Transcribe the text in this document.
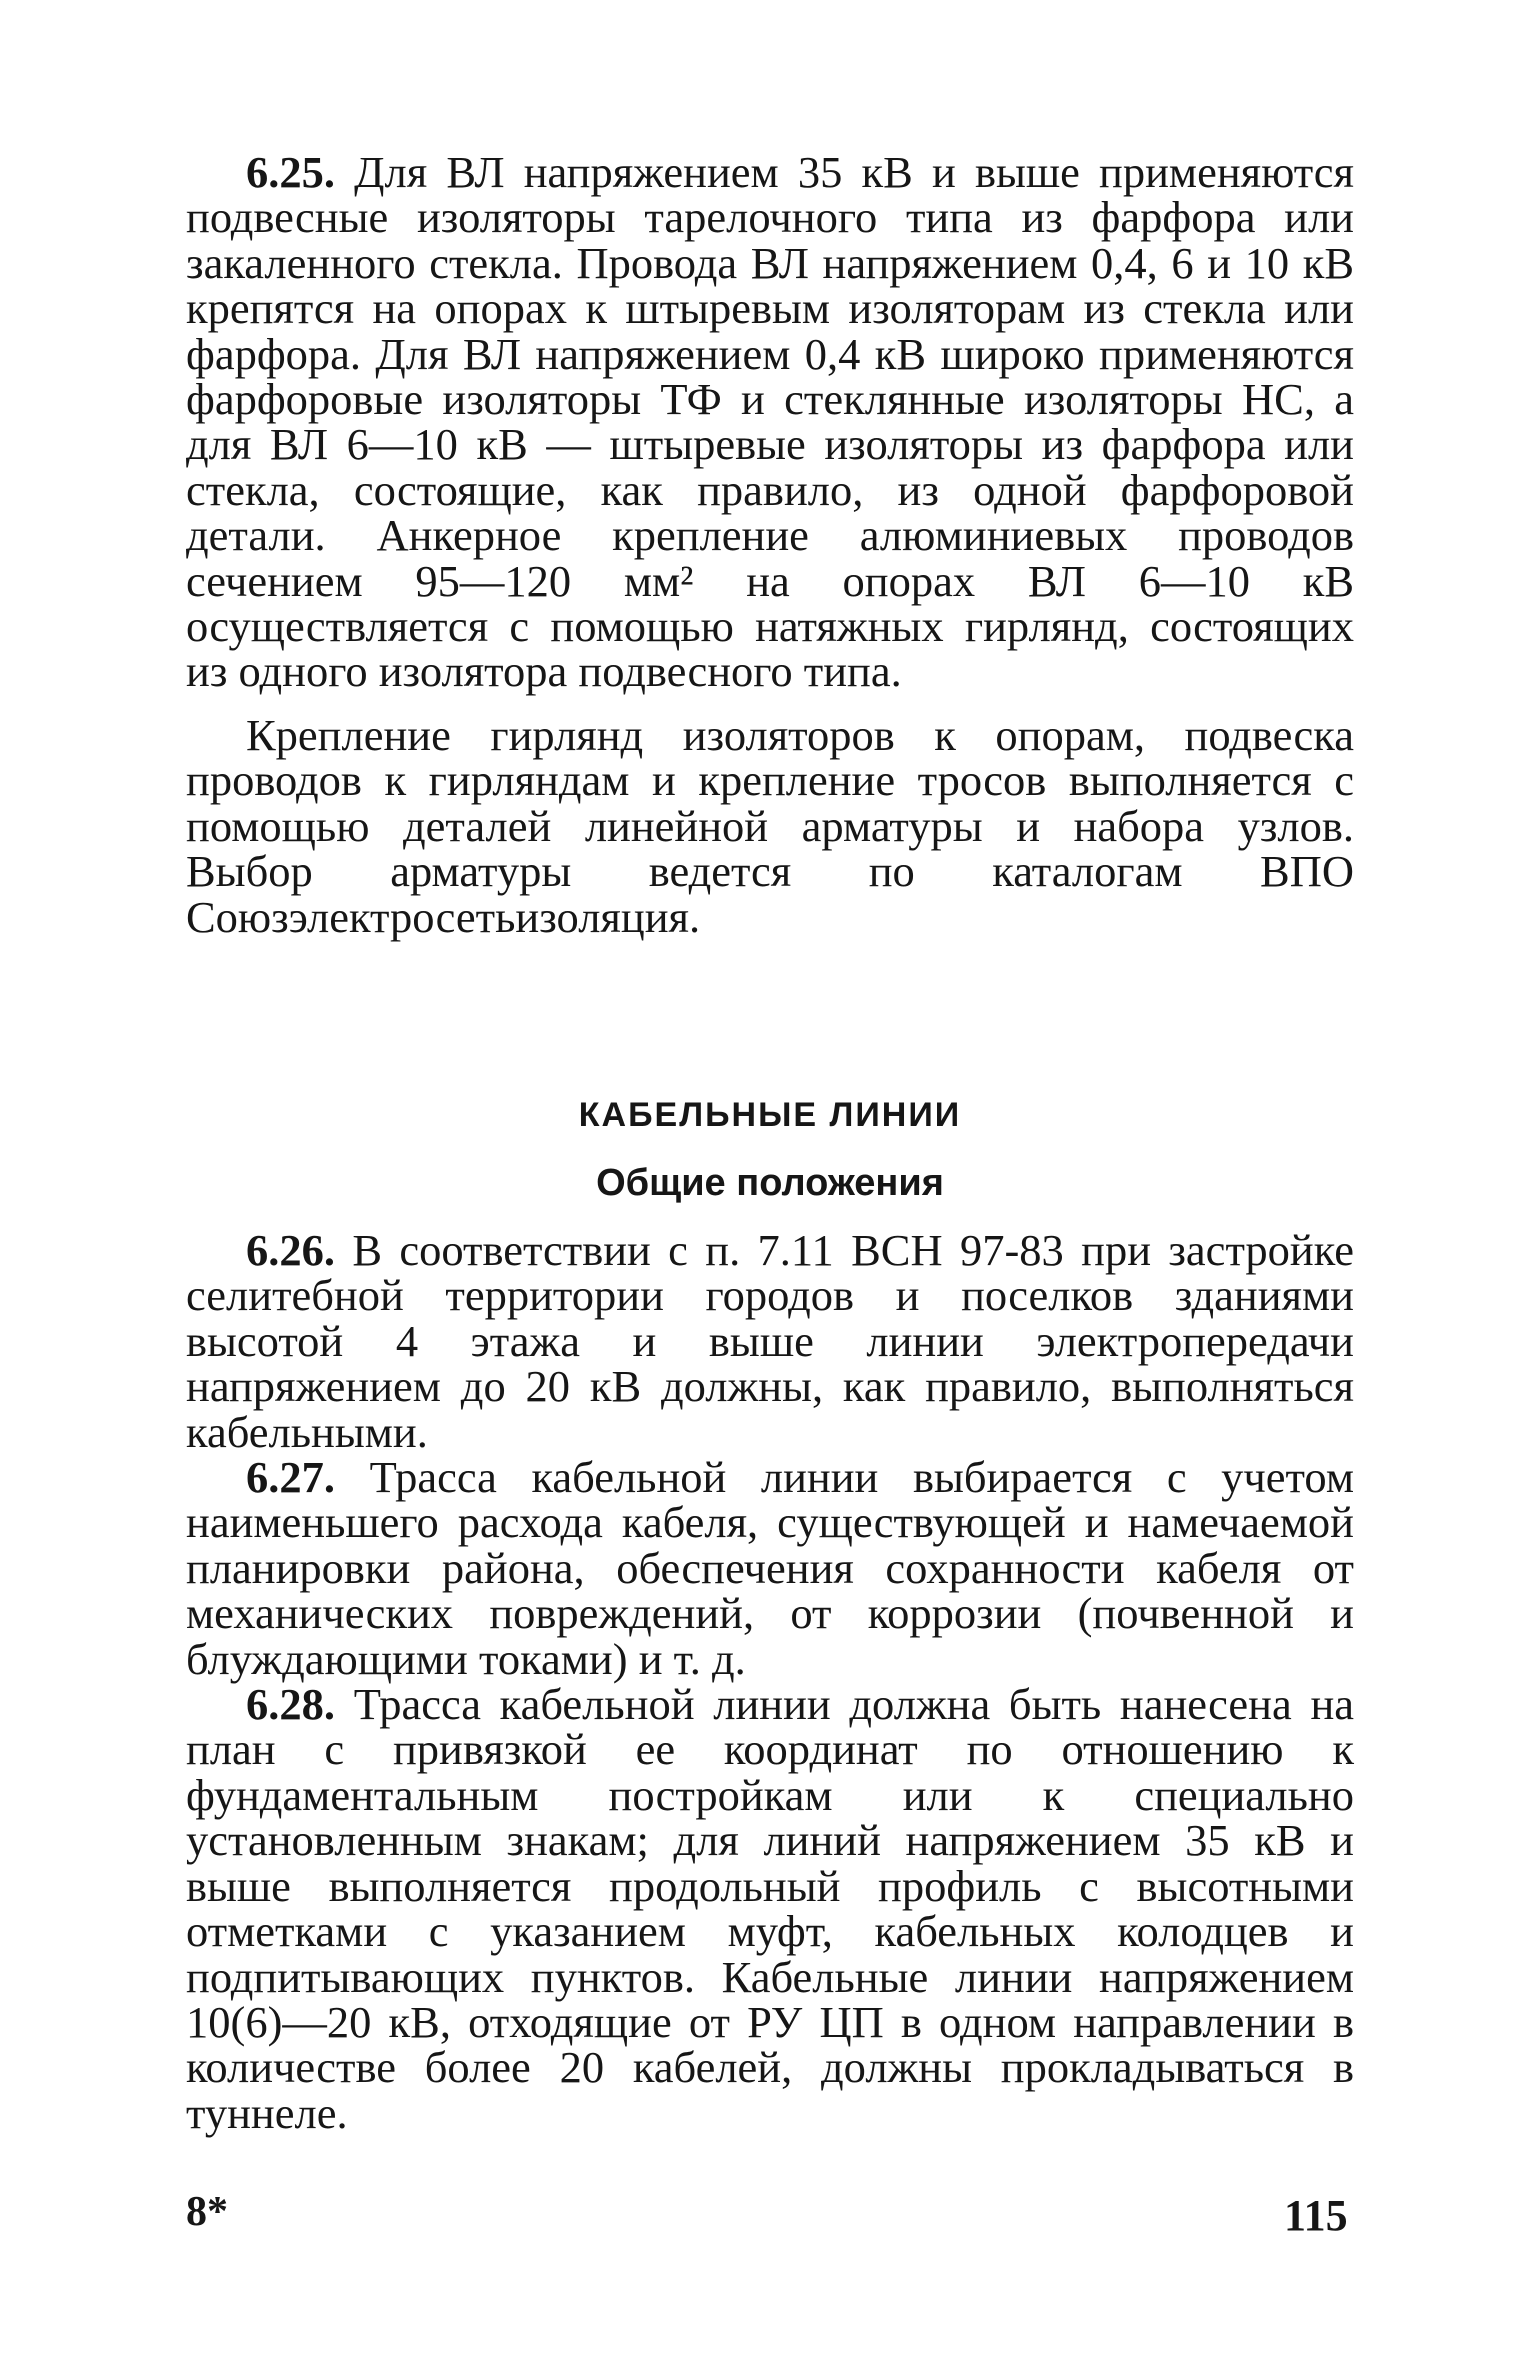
6.25. Для ВЛ напряжением 35 кВ и выше применяются подвесные изоляторы тарелочного типа из фарфора или закаленного стекла. Провода ВЛ напряжением 0,4, 6 и 10 кВ крепятся на опорах к штыревым изоляторам из стекла или фарфора. Для ВЛ напряжением 0,4 кВ широко применяются фарфоровые изоляторы ТФ и стеклянные изоляторы НС, а для ВЛ 6—10 кВ — штыревые изоляторы из фарфора или стекла, состоящие, как правило, из одной фарфоровой детали. Анкерное крепление алюминиевых проводов сечением 95—120 мм² на опорах ВЛ 6—10 кВ осуществляется с помощью натяжных гирлянд, состоящих из одного изолятора подвесного типа.

Крепление гирлянд изоляторов к опорам, подвеска проводов к гирляндам и крепление тросов выполняется с помощью деталей линейной арматуры и набора узлов. Выбор арматуры ведется по каталогам ВПО Союзэлектросетьизоляция.

КАБЕЛЬНЫЕ ЛИНИИ
Общие положения

6.26. В соответствии с п. 7.11 ВСН 97-83 при застройке селитебной территории городов и поселков зданиями высотой 4 этажа и выше линии электропередачи напряжением до 20 кВ должны, как правило, выполняться кабельными.

6.27. Трасса кабельной линии выбирается с учетом наименьшего расхода кабеля, существующей и намечаемой планировки района, обеспечения сохранности кабеля от механических повреждений, от коррозии (почвенной и блуждающими токами) и т. д.

6.28. Трасса кабельной линии должна быть нанесена на план с привязкой ее координат по отношению к фундаментальным постройкам или к специально установленным знакам; для линий напряжением 35 кВ и выше выполняется продольный профиль с высотными отметками с указанием муфт, кабельных колодцев и подпитывающих пунктов. Кабельные линии напряжением 10(6)—20 кВ, отходящие от РУ ЦП в одном направлении в количестве более 20 кабелей, должны прокладываться в туннеле.

8*	115
